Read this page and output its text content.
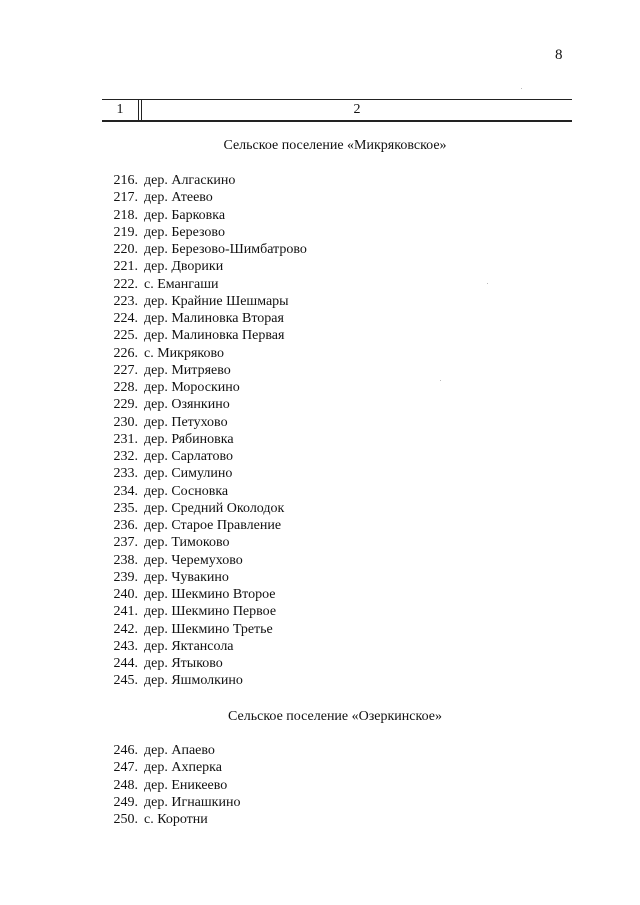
8
1	2
Сельское поселение «Микряковское»
216. дер. Алгаскино
217. дер. Атеево
218. дер. Барковка
219. дер. Березово
220. дер. Березово-Шимбатрово
221. дер. Дворики
222. с. Емангаши
223. дер. Крайние Шешмары
224. дер. Малиновка Вторая
225. дер. Малиновка Первая
226. с. Микряково
227. дер. Митряево
228. дер. Мороскино
229. дер. Озянкино
230. дер. Петухово
231. дер. Рябиновка
232. дер. Сарлатово
233. дер. Симулино
234. дер. Сосновка
235. дер. Средний Околодок
236. дер. Старое Правление
237. дер. Тимоково
238. дер. Черемухово
239. дер. Чувакино
240. дер. Шекмино Второе
241. дер. Шекмино Первое
242. дер. Шекмино Третье
243. дер. Яктансола
244. дер. Ятыково
245. дер. Яшмолкино
Сельское поселение «Озеркинское»
246. дер. Апаево
247. дер. Ахперка
248. дер. Еникеево
249. дер. Игнашкино
250. с. Коротни
